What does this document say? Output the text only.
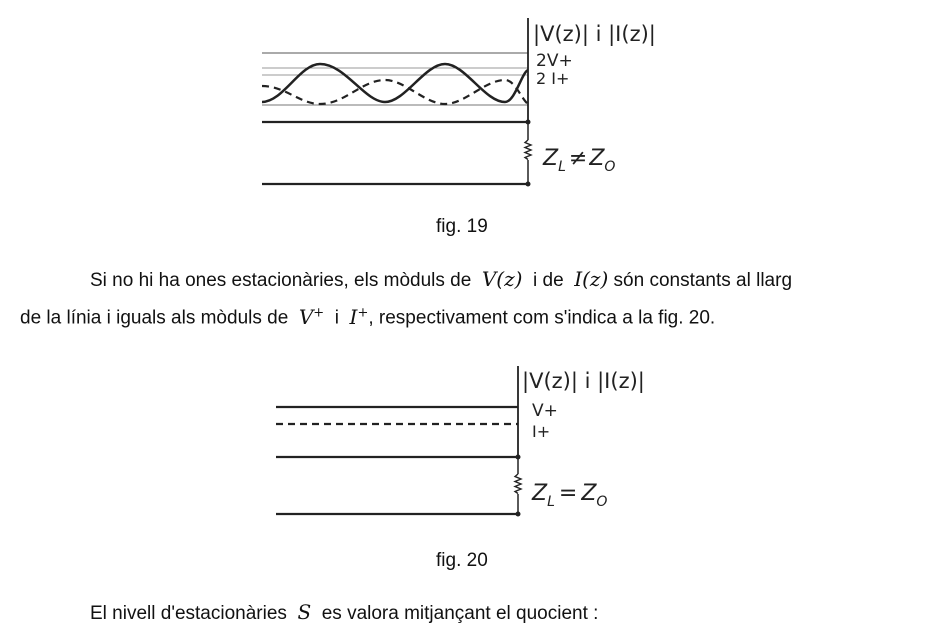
2V+
2 I+
|V(z)| i |I(z)|
$Z_L \ne Z_O$
fig. 19
Si no hi ha ones estacionàries, els mòduls de V(z) i de I(z) són constants al llarg
de la línia i iguals als mòduls de V+ i I+, respectivament com s'indica a la fig. 20.
V+
I+
|V(z)| i |I(z)|
$Z_L = Z_O$
fig. 20
El nivell d'estacionàries S es valora mitjançant el quocient :
